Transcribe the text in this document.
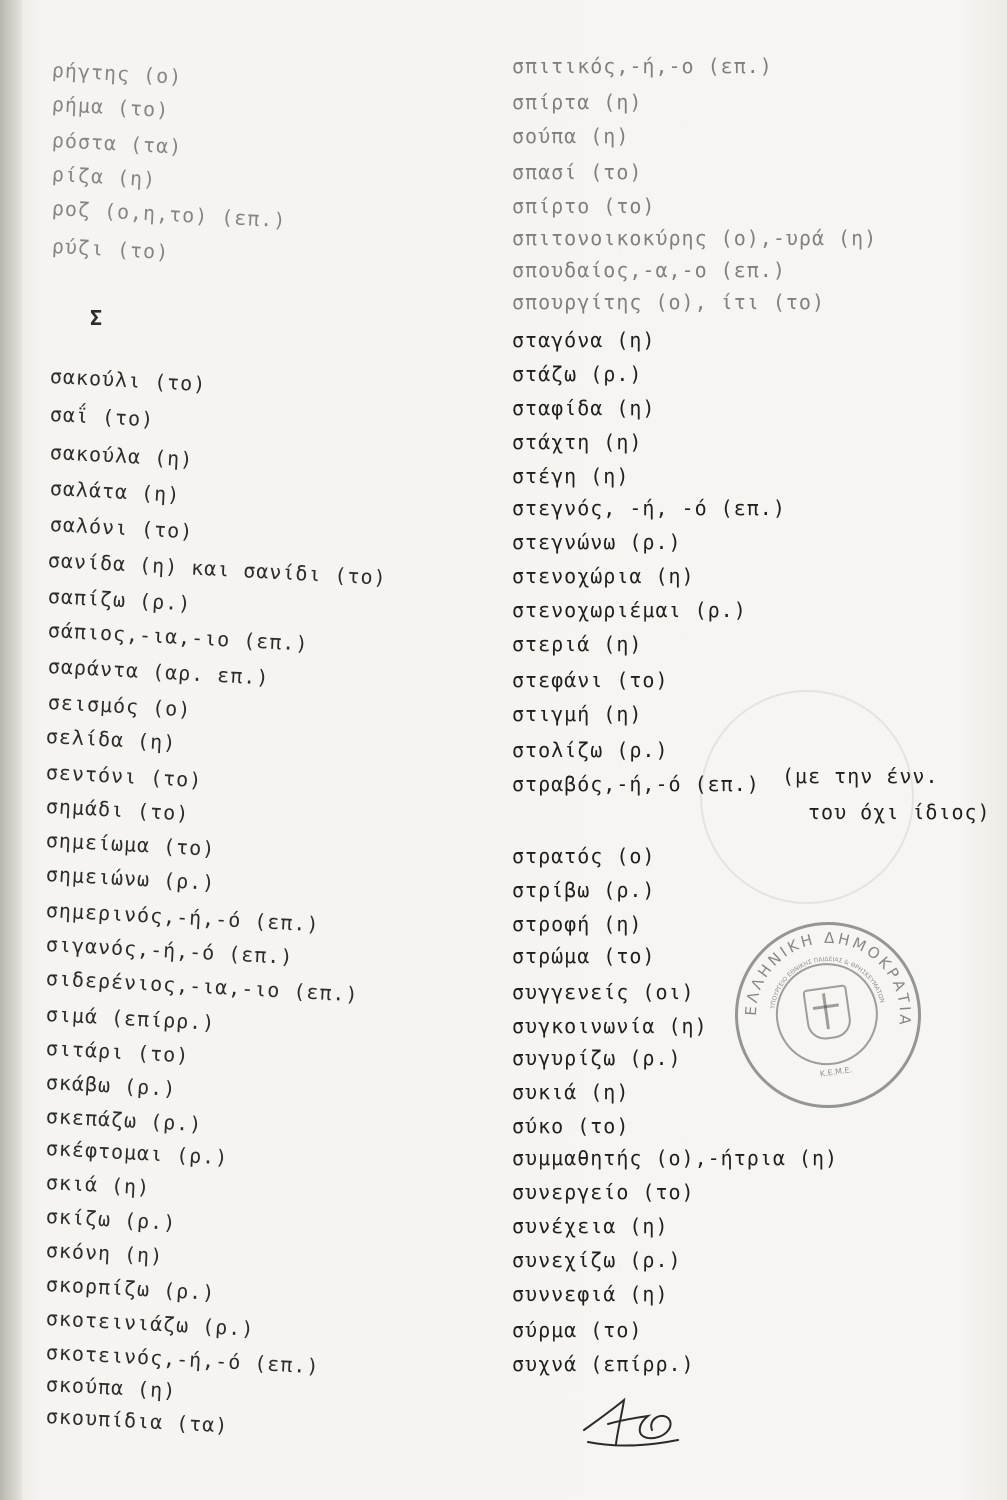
ρήγτης (ο)
ρήμα (το)
ρόστα (τα)
ρίζα (η)
ροζ (ο,η,το) (επ.)
ρύζι (το)
Σ
σακούλι (το)
σαΐ (το)
σακούλα (η)
σαλάτα (η)
σαλόνι (το)
σανίδα (η) και σανίδι (το)
σαπίζω (ρ.)
σάπιος,-ια,-ιο (επ.)
σαράντα (αρ. επ.)
σεισμός (ο)
σελίδα (η)
σεντόνι (το)
σημάδι (το)
σημείωμα (το)
σημειώνω (ρ.)
σημερινός,-ή,-ό (επ.)
σιγανός,-ή,-ό (επ.)
σιδερένιος,-ια,-ιο (επ.)
σιμά (επίρρ.)
σιτάρι (το)
σκάβω (ρ.)
σκεπάζω (ρ.)
σκέφτομαι (ρ.)
σκιά (η)
σκίζω (ρ.)
σκόνη (η)
σκορπίζω (ρ.)
σκοτεινιάζω (ρ.)
σκοτεινός,-ή,-ό (επ.)
σκούπα (η)
σκουπίδια (τα)
σπιτικός,-ή,-ο (επ.)
σπίρτα (η)
σούπα (η)
σπασί (το)
σπίρτο (το)
σπιτονοικοκύρης (ο),-υρά (η)
σπουδαίος,-α,-ο (επ.)
σπουργίτης (ο), ίτι (το)
σταγόνα (η)
στάζω (ρ.)
σταφίδα (η)
στάχτη (η)
στέγη (η)
στεγνός, -ή, -ό (επ.)
στεγνώνω (ρ.)
στενοχώρια (η)
στενοχωριέμαι (ρ.)
στεριά (η)
στεφάνι (το)
στιγμή (η)
στολίζω (ρ.)
στραβός,-ή,-ό (επ.)
στρατός (ο)
στρίβω (ρ.)
στροφή (η)
στρώμα (το)
συγγενείς (οι)
συγκοινωνία (η)
συγυρίζω (ρ.)
συκιά (η)
σύκο (το)
συμμαθητής (ο),-ήτρια (η)
συνεργείο (το)
συνέχεια (η)
συνεχίζω (ρ.)
συννεφιά (η)
σύρμα (το)
συχνά (επίρρ.)
(με την ένν.
του όχι ίδιος)
ΕΛΛΗΝΙΚΗ ΔΗΜΟΚΡΑΤΙΑ
ΥΠΟΥΡΓΕΙΟ ΕΘΝΙΚΗΣ ΠΑΙΔΕΙΑΣ & ΘΡΗΣΚΕΥΜΑΤΩΝ
Κ.Ε.Μ.Ε.
